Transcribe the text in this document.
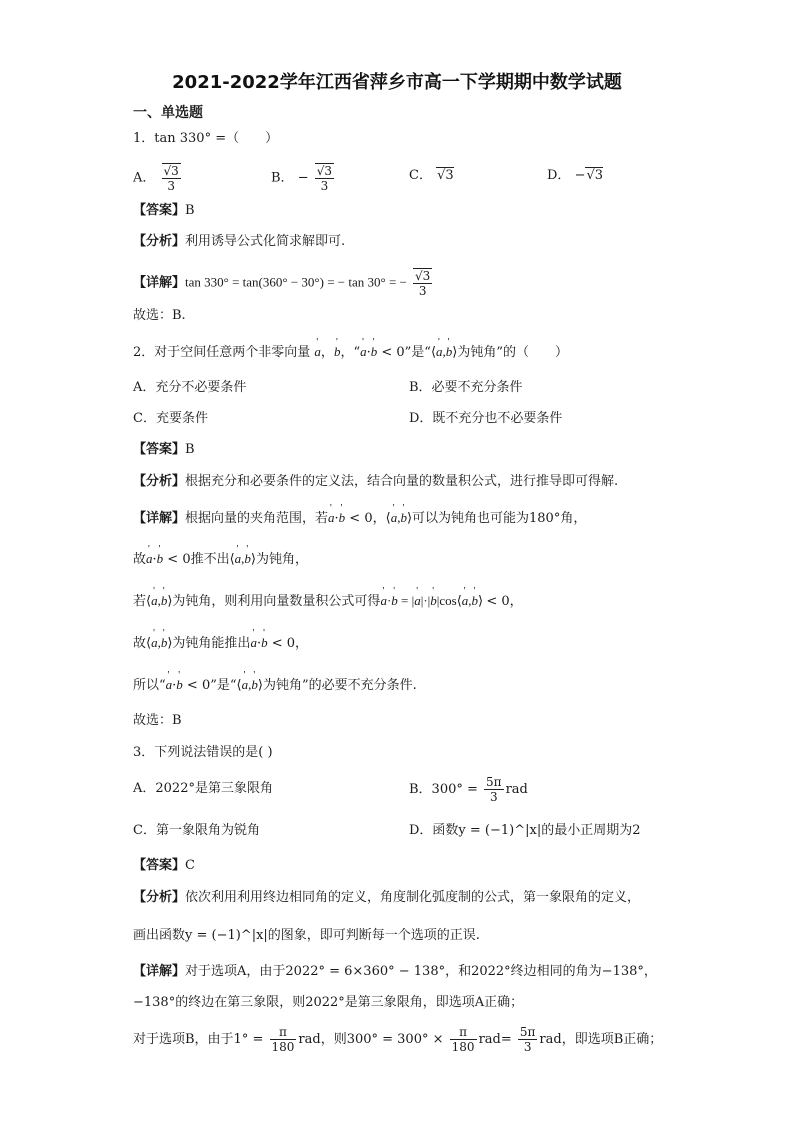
2021-2022学年江西省萍乡市高一下学期期中数学试题
一、单选题
1．tan 330° =（　　）
A． $\frac{√3}{3}$	B． − $\frac{√3}{3}$	C． √3	D． −√3
【答案】B
【分析】利用诱导公式化简求解即可.
【详解】tan 330° = tan(360° − 30°) = − tan 30° = − $\frac{√3}{3}$
故选：B.
2．对于空间任意两个非零向量 ' a，' b，“' a·' b < 0”是“⟨' a,' b⟩为钝角”的（　　）
A．充分不必要条件	B．必要不充分条件
C．充要条件	D．既不充分也不必要条件
【答案】B
【分析】根据充分和必要条件的定义法，结合向量的数量积公式，进行推导即可得解.
【详解】根据向量的夹角范围，若' a·' b < 0，⟨' a,' b⟩可以为钝角也可能为180°角，
故' a·' b < 0推不出⟨' a,' b⟩为钝角，
若⟨' a,' b⟩为钝角，则利用向量数量积公式可得' a·' b = |' a|·|' b|cos⟨' a,' b⟩ < 0，
故⟨' a,' b⟩为钝角能推出' a·' b < 0，
所以“' a·' b < 0”是“⟨' a,' b⟩为钝角”的必要不充分条件.
故选：B
3．下列说法错误的是( )
A．2022°是第三象限角	B．$300^\circ = \frac{5\pi}{3}$ rad
C．第一象限角为锐角	D．函数y = (−1)^|x|的最小正周期为2
【答案】C
【分析】依次利用利用终边相同角的定义，角度制化弧度制的公式，第一象限角的定义，
画出函数y = (−1)^|x|的图象，即可判断每一个选项的正误.
【详解】对于选项A，由于2022° = 6×360° − 138°，和2022°终边相同的角为−138°，
−138°的终边在第三象限，则2022°是第三象限角，即选项A正确；
对于选项B，由于$1^\circ = \frac{\pi}{180}$ rad，则$300^\circ = 300^\circ \times \frac{\pi}{180} rad= \frac{5\pi}{3}$ rad，即选项B正确；
